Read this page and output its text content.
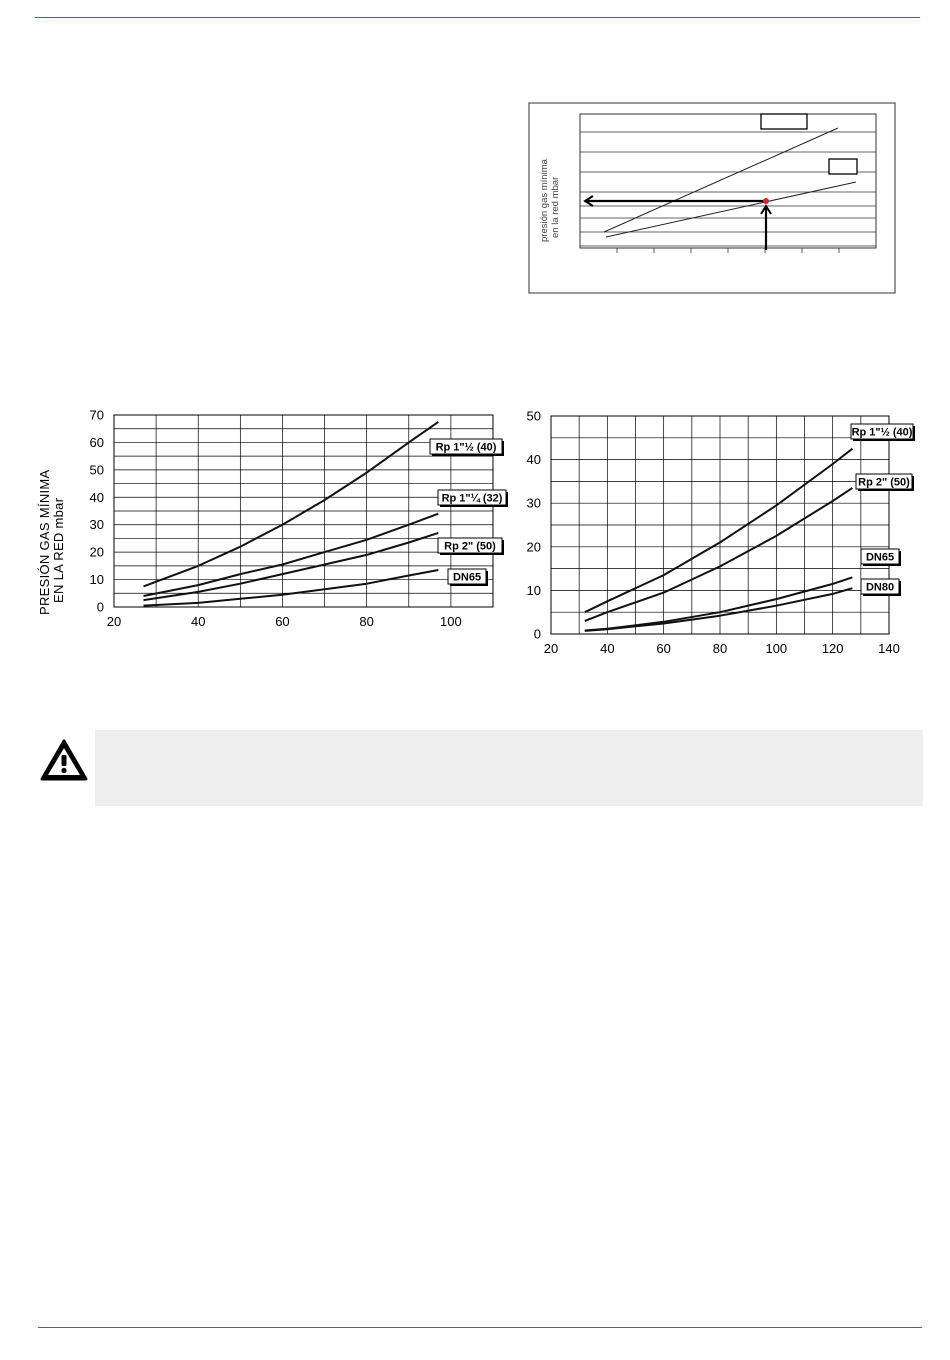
presión gas mínima en la red mbar
0
10
20
30
40
50
60
70
20	40	60	80	100
PRESIÓN GAS MÍNIMA EN LA RED mbar
Rp 1"½ (40)
Rp 1"¼ (32)
Rp 2" (50)
DN65
0
10
20
30
40
50
20	40	60	80	100	120	140
Rp 1"½ (40)
Rp 2" (50)
DN65
DN80
